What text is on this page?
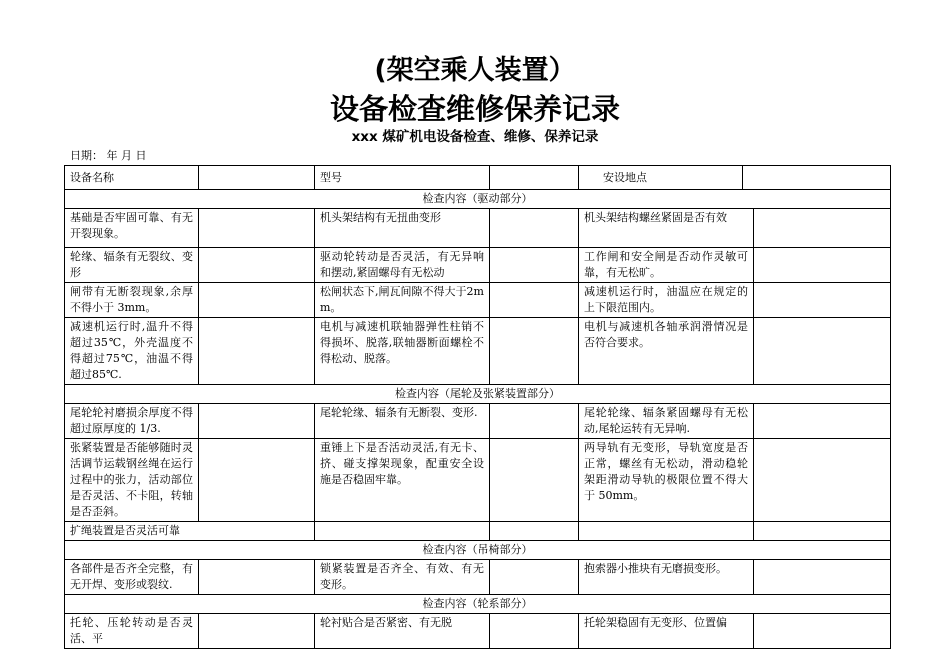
(架空乘人装置）
设备检查维修保养记录
xxx 煤矿机电设备检查、维修、保养记录
日期： 年 月 日
设备名称		型号			安设地点	

检查内容（驱动部分）
基础是否牢固可靠、有无开裂现象。		机头架结构有无扭曲变形		机头架结构螺丝紧固是否有效	
轮缘、辐条有无裂纹、变形		驱动轮转动是否灵活，有无异响和摆动,紧固螺母有无松动		工作闸和安全闸是否动作灵敏可靠，有无松旷。	
闸带有无断裂现象,余厚不得小于 3mm。		松闸状态下,闸瓦间隙不得大于2mm。		减速机运行时，油温应在规定的上下限范围内。	
减速机运行时,温升不得超过35℃，外壳温度不得超过75℃，油温不得超过85℃.		电机与减速机联轴器弹性柱销不得损坏、脱落,联轴器断面螺栓不得松动、脱落。		电机与减速机各轴承润滑情况是否符合要求。	
检查内容（尾轮及张紧装置部分）
尾轮轮衬磨损余厚度不得超过原厚度的 1/3.		尾轮轮缘、辐条有无断裂、变形.		尾轮轮缘、辐条紧固螺母有无松动,尾轮运转有无异响.	
张紧装置是否能够随时灵活调节运载钢丝绳在运行过程中的张力，活动部位是否灵活、不卡阻，转轴是否歪斜。		重锤上下是否活动灵活,有无卡、挤、碰支撑架现象，配重安全设施是否稳固牢靠。		两导轨有无变形，导轨宽度是否正常，螺丝有无松动，滑动稳轮架距滑动导轨的极限位置不得大于 50mm。	
扩绳装置是否灵活可靠				
检查内容（吊椅部分）
各部件是否齐全完整，有无开焊、变形或裂纹.		锁紧装置是否齐全、有效、有无变形。		抱索器小推块有无磨损变形。	
检查内容（轮系部分）
托轮、压轮转动是否灵活、平		轮衬贴合是否紧密、有无脱		托轮架稳固有无变形、位置偏	
